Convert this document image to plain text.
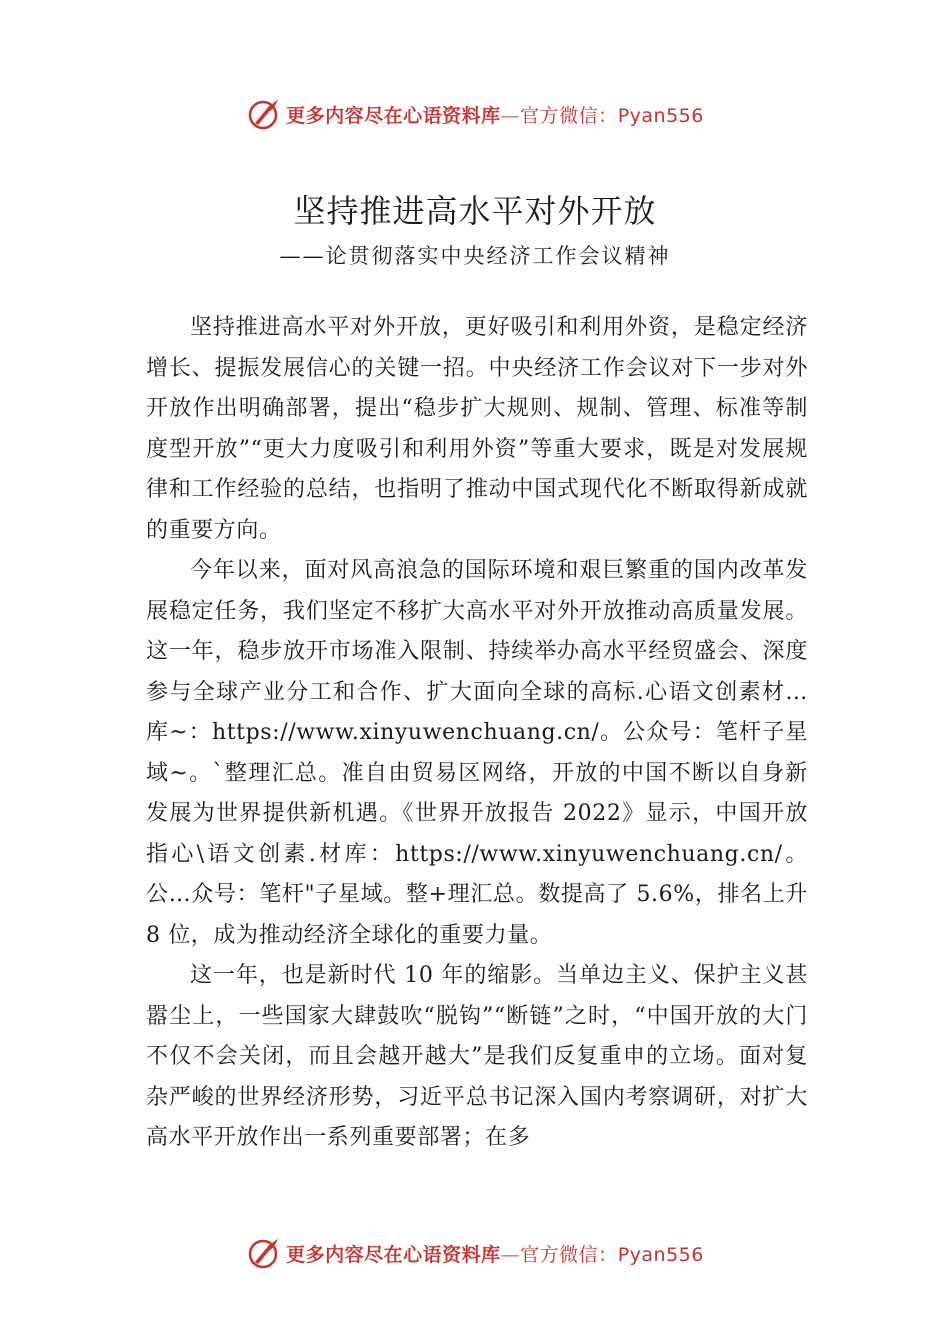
更多内容尽在心语资料库—官方微信：Pyan556
坚持推进高水平对外开放
——论贯彻落实中央经济工作会议精神

坚持推进高水平对外开放，更好吸引和利用外资，是稳定经济增长、提振发展信心的关键一招。中央经济工作会议对下一步对外开放作出明确部署，提出“稳步扩大规则、规制、管理、标准等制度型开放”“更大力度吸引和利用外资”等重大要求，既是对发展规律和工作经验的总结，也指明了推动中国式现代化不断取得新成就的重要方向。

今年以来，面对风高浪急的国际环境和艰巨繁重的国内改革发展稳定任务，我们坚定不移扩大高水平对外开放推动高质量发展。这一年，稳步放开市场准入限制、持续举办高水平经贸盛会、深度参与全球产业分工和合作、扩大面向全球的高标.心语文创素材…库~：https://www.xinyuwenchuang.cn/。公众号：笔杆子星域~。`整理汇总。准自由贸易区网络，开放的中国不断以自身新发展为世界提供新机遇。《世界开放报告 2022》显示，中国开放指心\语文创素.材库：https://www.xinyuwenchuang.cn/。公…众号：笔杆"子星域。整+理汇总。数提高了 5.6%，排名上升 8 位，成为推动经济全球化的重要力量。

这一年，也是新时代 10 年的缩影。当单边主义、保护主义甚嚣尘上，一些国家大肆鼓吹“脱钩”“断链”之时，“中国开放的大门不仅不会关闭，而且会越开越大”是我们反复重申的立场。面对复杂严峻的世界经济形势，习近平总书记深入国内考察调研，对扩大高水平开放作出一系列重要部署；在多

更多内容尽在心语资料库—官方微信：Pyan556
